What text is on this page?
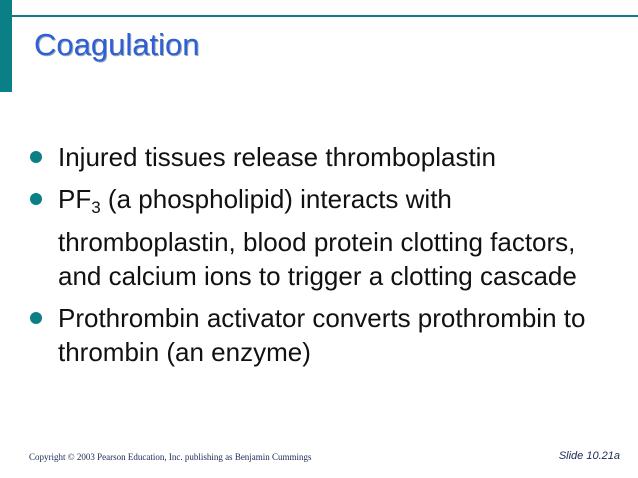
Coagulation
Injured tissues release thromboplastin
$PF_3$ (a phospholipid) interacts with thromboplastin, blood protein clotting factors, and calcium ions to trigger a clotting cascade
Prothrombin activator converts prothrombin to thrombin (an enzyme)
Copyright © 2003 Pearson Education, Inc. publishing as Benjamin Cummings	Slide 10.21a
